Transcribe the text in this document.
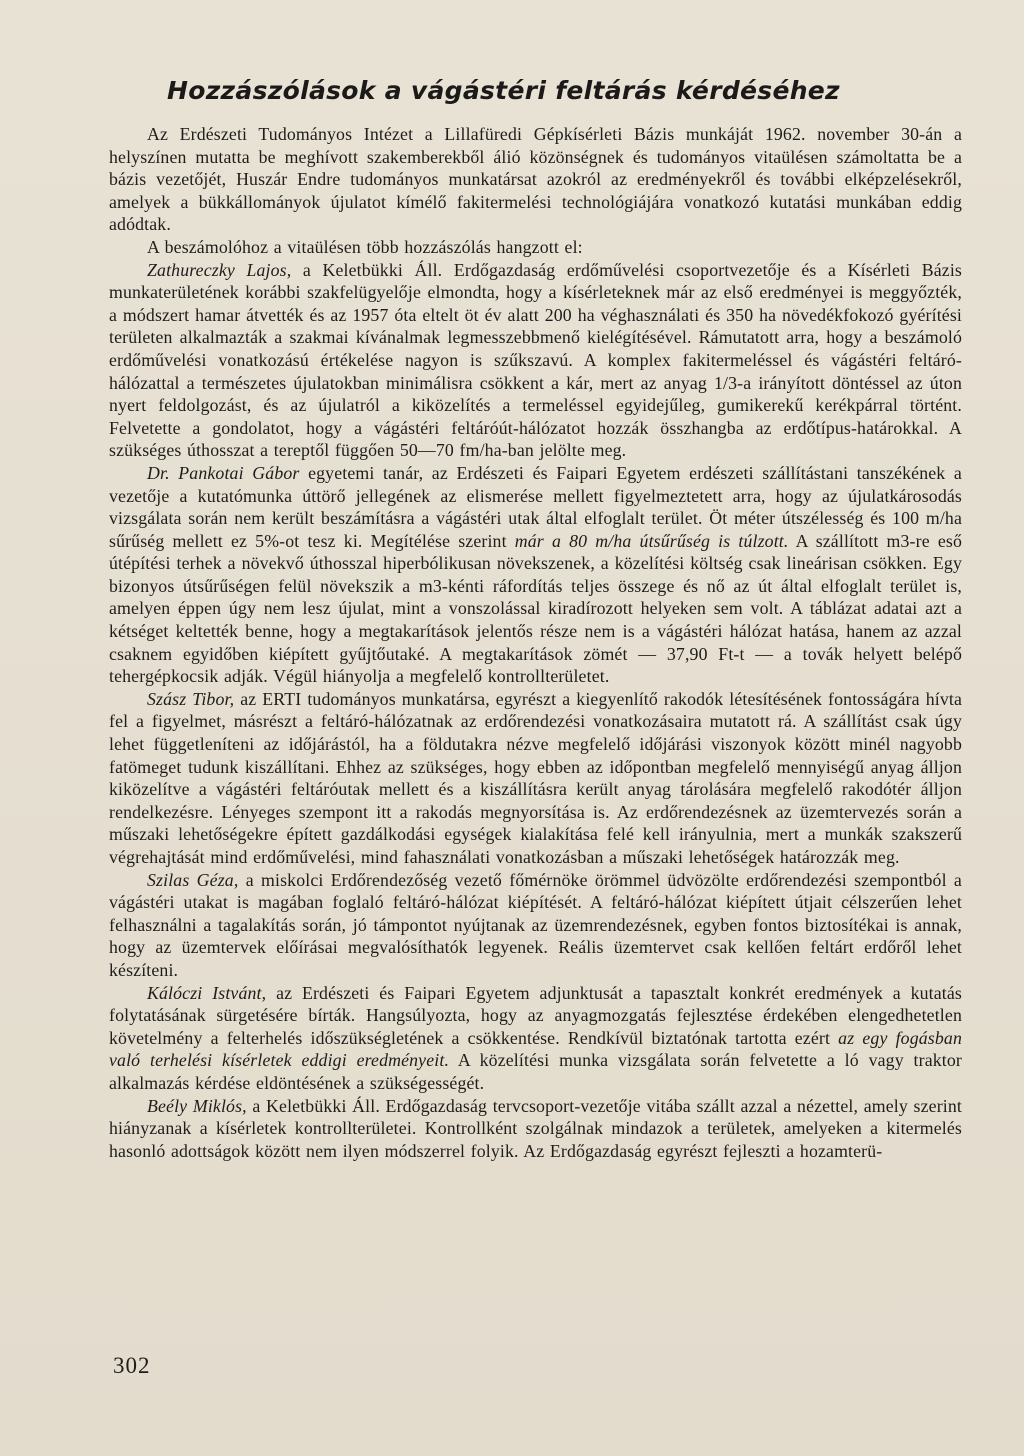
Hozzászólások a vágástéri feltárás kérdéséhez

Az Erdészeti Tudományos Intézet a Lillafüredi Gépkísérleti Bázis munkáját 1962. november 30-án a helyszínen mutatta be meghívott szakemberekből álió közönségnek és tudományos vitaülésen számoltatta be a bázis vezetőjét, Huszár Endre tudományos munkatársat azokról az eredményekről és további elképzelésekről, amelyek a bükkállományok újulatot kímélő fakitermelési technológiájára vonatkozó kutatási munkában eddig adódtak.

A beszámolóhoz a vitaülésen több hozzászólás hangzott el:

Zathureczky Lajos, a Keletbükki Áll. Erdőgazdaság erdőművelési csoportvezetője és a Kísérleti Bázis munkaterületének korábbi szakfelügyelője elmondta, hogy a kísérleteknek már az első eredményei is meggyőzték, a módszert hamar átvették és az 1957 óta eltelt öt év alatt 200 ha véghasználati és 350 ha növedékfokozó gyérítési területen alkalmazták a szakmai kívánalmak legmesszebbmenő kielégítésével. Rámutatott arra, hogy a beszámoló erdőművelési vonatkozású értékelése nagyon is szűkszavú. A komplex fakitermeléssel és vágástéri feltáró-hálózattal a természetes újulatokban minimálisra csökkent a kár, mert az anyag 1/3-a irányított döntéssel az úton nyert feldolgozást, és az újulatról a kiközelítés a termeléssel egyidejűleg, gumikerekű kerékpárral történt. Felvetette a gondolatot, hogy a vágástéri feltáróút-hálózatot hozzák összhangba az erdőtípus-határokkal. A szükséges úthosszat a tereptől függően 50—70 fm/ha-ban jelölte meg.

Dr. Pankotai Gábor egyetemi tanár, az Erdészeti és Faipari Egyetem erdészeti szállítástani tanszékének a vezetője a kutatómunka úttörő jellegének az elismerése mellett figyelmeztetett arra, hogy az újulatkárosodás vizsgálata során nem került beszámításra a vágástéri utak által elfoglalt terület. Öt méter útszélesség és 100 m/ha sűrűség mellett ez 5%-ot tesz ki. Megítélése szerint már a 80 m/ha útsűrűség is túlzott. A szállított m3-re eső útépítési terhek a növekvő úthosszal hiperbólikusan növekszenek, a közelítési költség csak lineárisan csökken. Egy bizonyos útsűrűségen felül növekszik a m3-kénti ráfordítás teljes összege és nő az út által elfoglalt terület is, amelyen éppen úgy nem lesz újulat, mint a vonszolással kiradírozott helyeken sem volt. A táblázat adatai azt a kétséget keltették benne, hogy a megtakarítások jelentős része nem is a vágástéri hálózat hatása, hanem az azzal csaknem egyidőben kiépített gyűjtőutaké. A megtakarítások zömét — 37,90 Ft-t — a továk helyett belépő tehergépkocsik adják. Végül hiányolja a megfelelő kontrollterületet.

Szász Tibor, az ERTI tudományos munkatársa, egyrészt a kiegyenlítő rakodók létesítésének fontosságára hívta fel a figyelmet, másrészt a feltáró-hálózatnak az erdőrendezési vonatkozásaira mutatott rá. A szállítást csak úgy lehet függetleníteni az időjárástól, ha a földutakra nézve megfelelő időjárási viszonyok között minél nagyobb fatömeget tudunk kiszállítani. Ehhez az szükséges, hogy ebben az időpontban megfelelő mennyiségű anyag álljon kiközelítve a vágástéri feltáróutak mellett és a kiszállításra került anyag tárolására megfelelő rakodótér álljon rendelkezésre. Lényeges szempont itt a rakodás megnyorsítása is. Az erdőrendezésnek az üzemtervezés során a műszaki lehetőségekre épített gazdálkodási egységek kialakítása felé kell irányulnia, mert a munkák szakszerű végrehajtását mind erdőművelési, mind fahasználati vonatkozásban a műszaki lehetőségek határozzák meg.

Szilas Géza, a miskolci Erdőrendezőség vezető főmérnöke örömmel üdvözölte erdőrendezési szempontból a vágástéri utakat is magában foglaló feltáró-hálózat kiépítését. A feltáró-hálózat kiépített útjait célszerűen lehet felhasználni a tagalakítás során, jó támpontot nyújtanak az üzemrendezésnek, egyben fontos biztosítékai is annak, hogy az üzemtervek előírásai megvalósíthatók legyenek. Reális üzemtervet csak kellően feltárt erdőről lehet készíteni.

Kálóczi Istvánt, az Erdészeti és Faipari Egyetem adjunktusát a tapasztalt konkrét eredmények a kutatás folytatásának sürgetésére bírták. Hangsúlyozta, hogy az anyagmozgatás fejlesztése érdekében elengedhetetlen követelmény a felterhelés időszükségletének a csökkentése. Rendkívül biztatónak tartotta ezért az egy fogásban való terhelési kísérletek eddigi eredményeit. A közelítési munka vizsgálata során felvetette a ló vagy traktor alkalmazás kérdése eldöntésének a szükségességét.

Beély Miklós, a Keletbükki Áll. Erdőgazdaság tervcsoport-vezetője vitába szállt azzal a nézettel, amely szerint hiányzanak a kísérletek kontrollterületei. Kontrollként szolgálnak mindazok a területek, amelyeken a kitermelés hasonló adottságok között nem ilyen módszerrel folyik. Az Erdőgazdaság egyrészt fejleszti a hozamterü-

302
